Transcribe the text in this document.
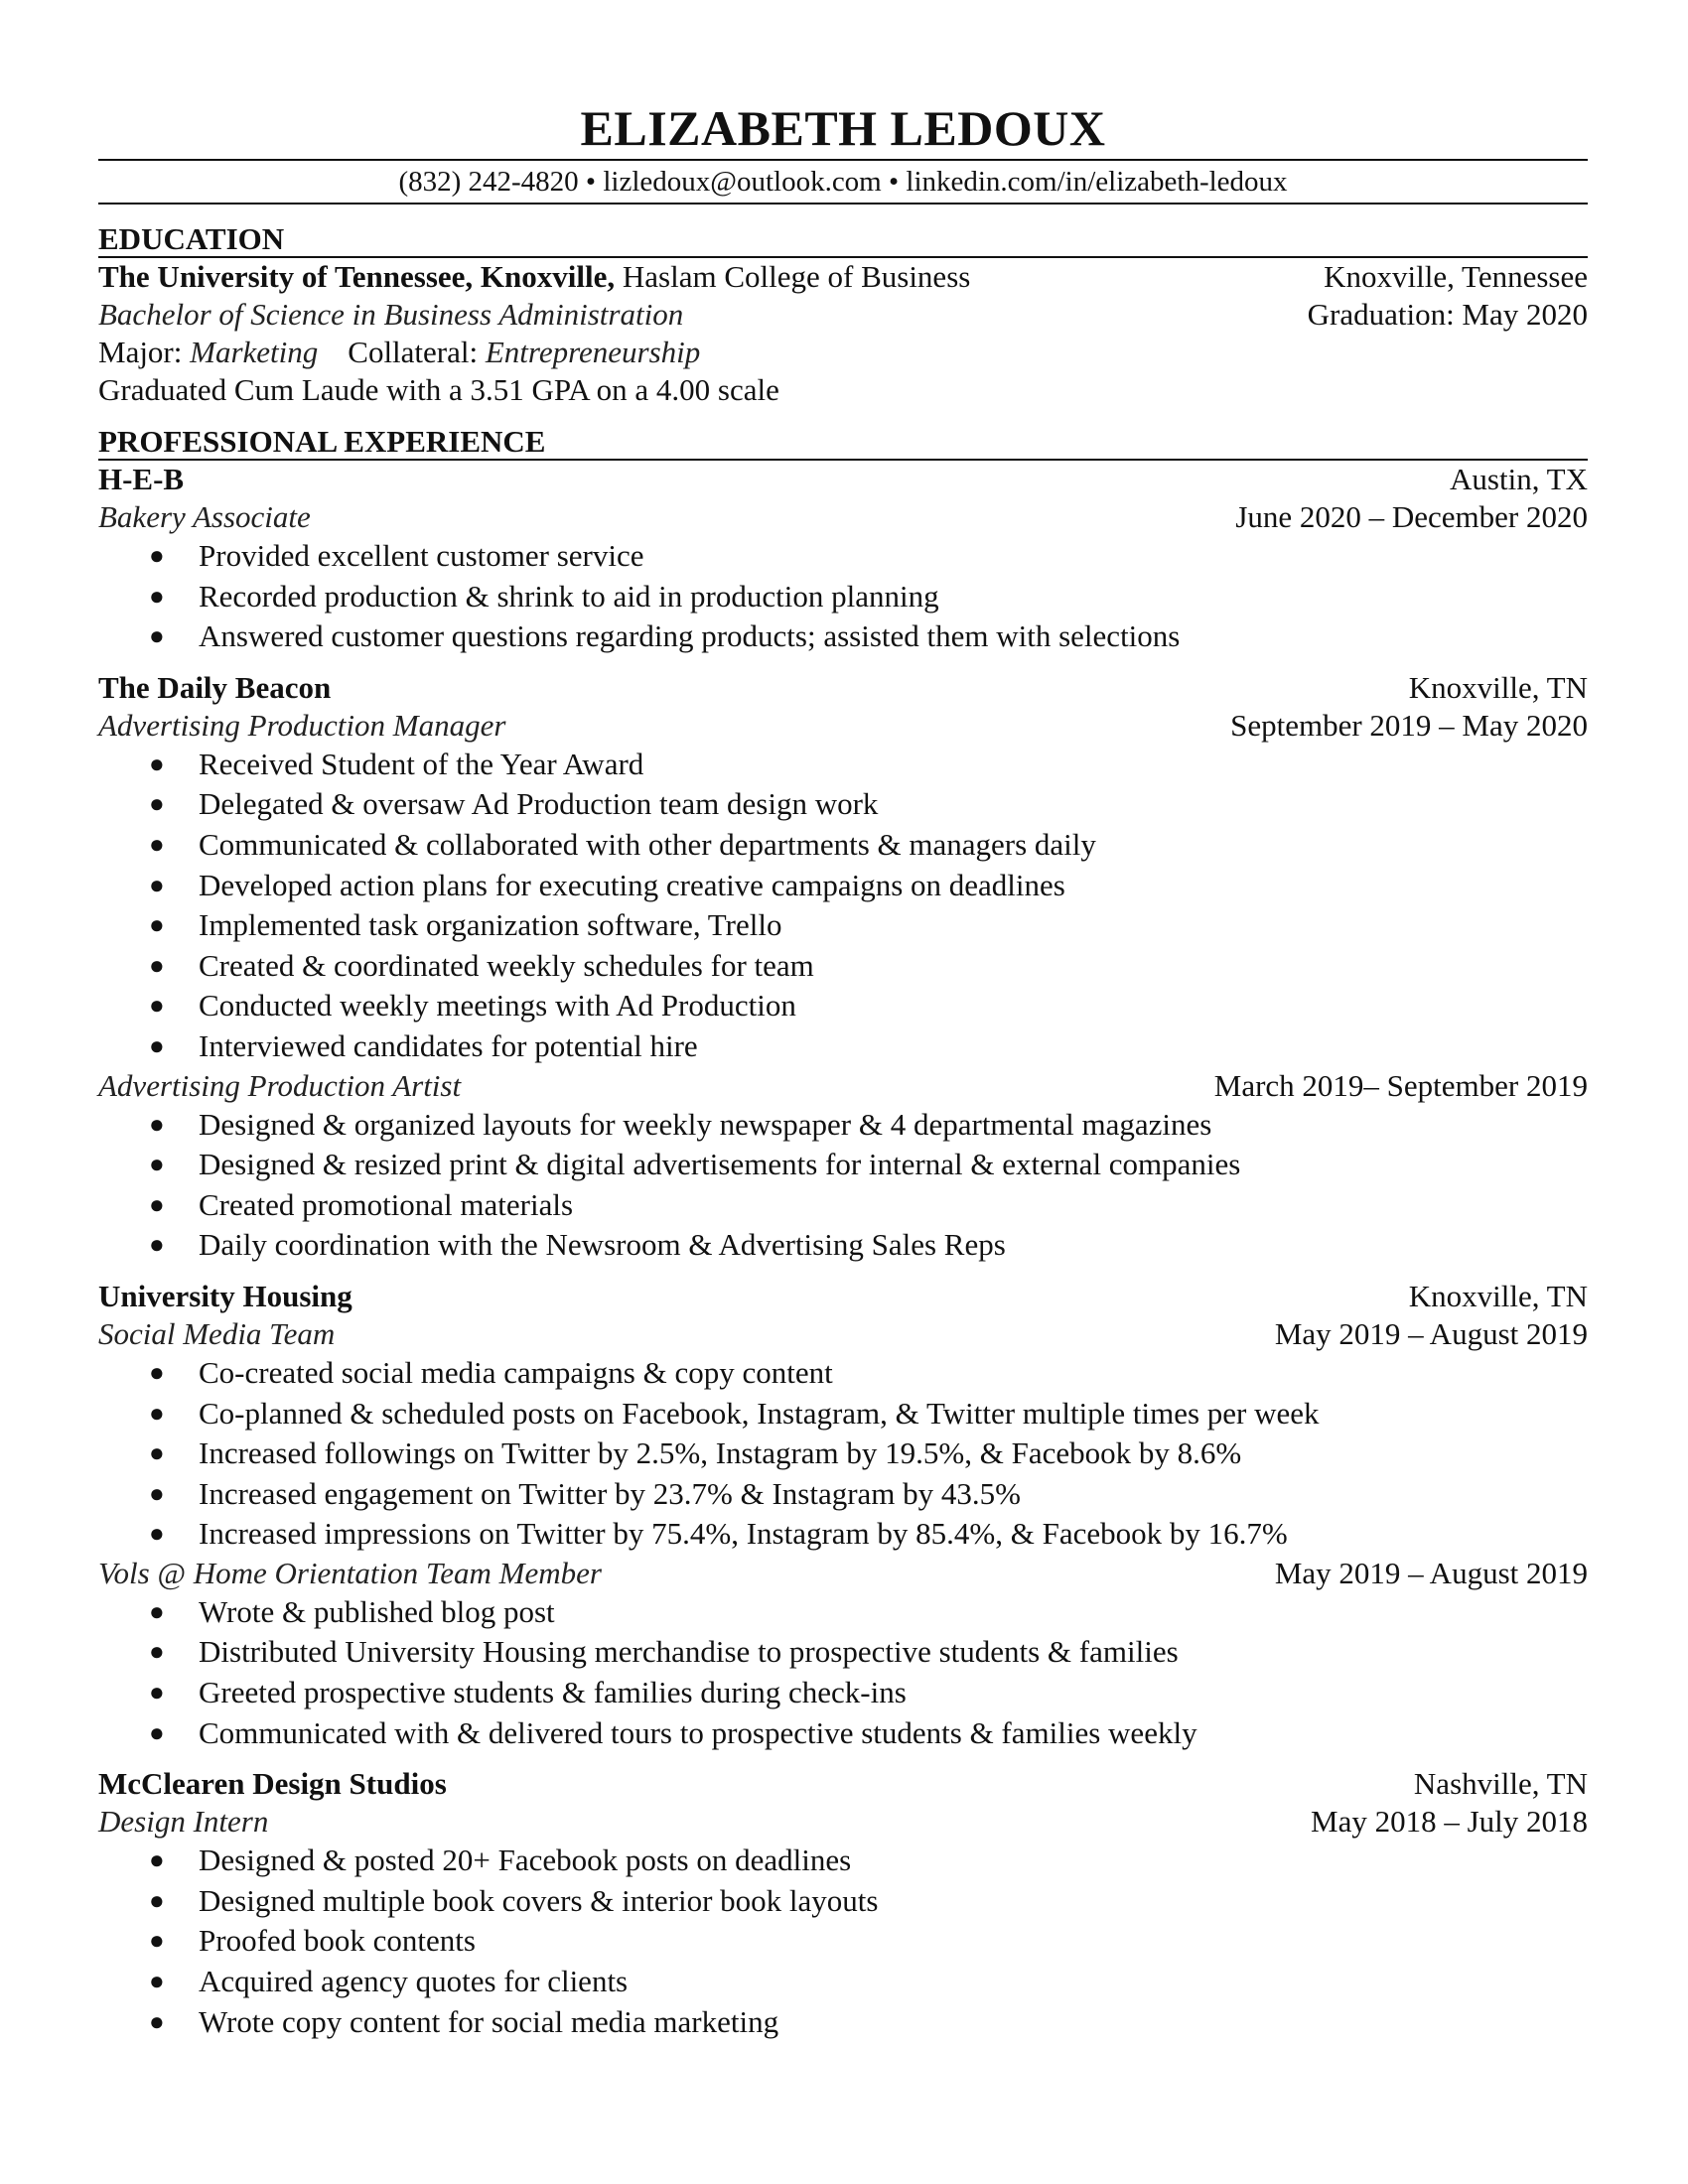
ELIZABETH LEDOUX
(832) 242-4820 • lizledoux@outlook.com • linkedin.com/in/elizabeth-ledoux
EDUCATION
The University of Tennessee, Knoxville, Haslam College of Business	Knoxville, Tennessee
Bachelor of Science in Business Administration	Graduation: May 2020
Major: Marketing Collateral: Entrepreneurship
Graduated Cum Laude with a 3.51 GPA on a 4.00 scale
PROFESSIONAL EXPERIENCE
H-E-B	Austin, TX
Bakery Associate	June 2020 – December 2020
● Provided excellent customer service
● Recorded production & shrink to aid in production planning
● Answered customer questions regarding products; assisted them with selections
The Daily Beacon	Knoxville, TN
Advertising Production Manager	September 2019 – May 2020
● Received Student of the Year Award
● Delegated & oversaw Ad Production team design work
● Communicated & collaborated with other departments & managers daily
● Developed action plans for executing creative campaigns on deadlines
● Implemented task organization software, Trello
● Created & coordinated weekly schedules for team
● Conducted weekly meetings with Ad Production
● Interviewed candidates for potential hire
Advertising Production Artist	March 2019– September 2019
● Designed & organized layouts for weekly newspaper & 4 departmental magazines
● Designed & resized print & digital advertisements for internal & external companies
● Created promotional materials
● Daily coordination with the Newsroom & Advertising Sales Reps
University Housing	Knoxville, TN
Social Media Team	May 2019 – August 2019
● Co-created social media campaigns & copy content
● Co-planned & scheduled posts on Facebook, Instagram, & Twitter multiple times per week
● Increased followings on Twitter by 2.5%, Instagram by 19.5%, & Facebook by 8.6%
● Increased engagement on Twitter by 23.7% & Instagram by 43.5%
● Increased impressions on Twitter by 75.4%, Instagram by 85.4%, & Facebook by 16.7%
Vols @ Home Orientation Team Member	May 2019 – August 2019
● Wrote & published blog post
● Distributed University Housing merchandise to prospective students & families
● Greeted prospective students & families during check-ins
● Communicated with & delivered tours to prospective students & families weekly
McClearen Design Studios	Nashville, TN
Design Intern	May 2018 – July 2018
● Designed & posted 20+ Facebook posts on deadlines
● Designed multiple book covers & interior book layouts
● Proofed book contents
● Acquired agency quotes for clients
● Wrote copy content for social media marketing
